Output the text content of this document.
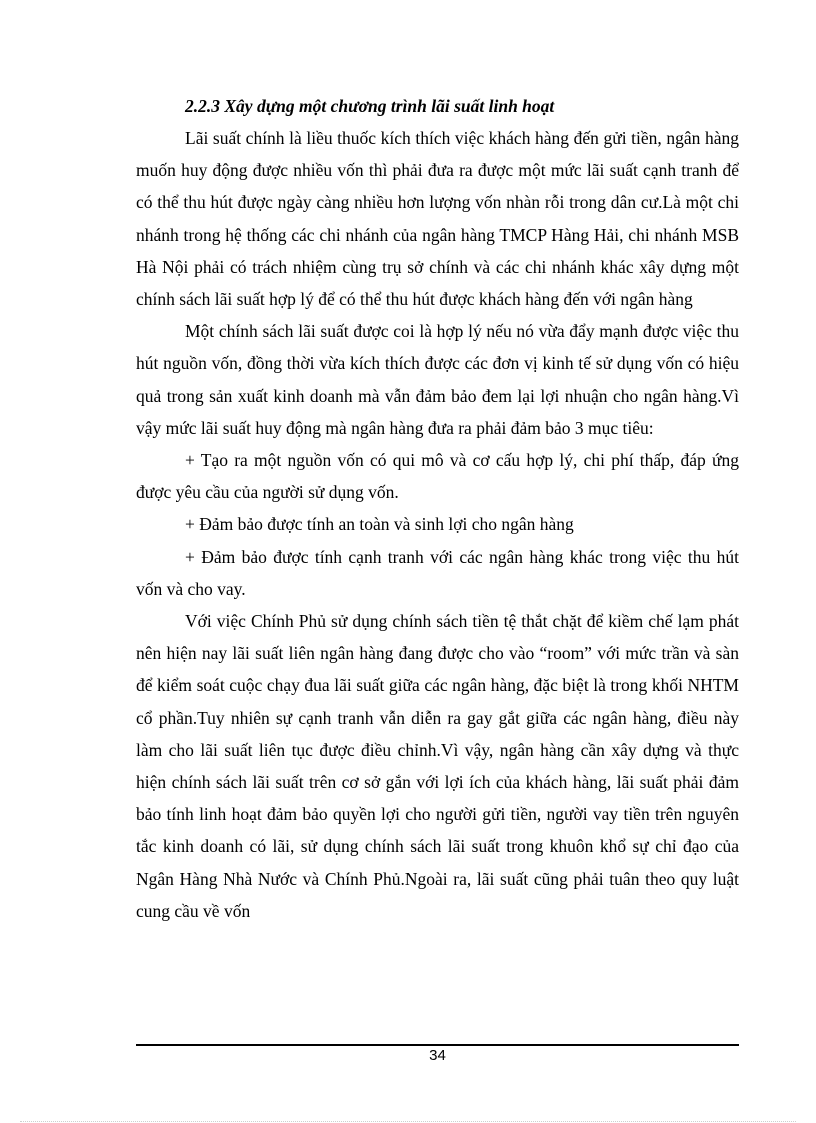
2.2.3 Xây dựng một chương trình lãi suất linh hoạt

Lãi suất chính là liều thuốc kích thích việc khách hàng đến gửi tiền, ngân hàng muốn huy động được nhiều vốn thì phải đưa ra được một mức lãi suất cạnh tranh để có thể thu hút được ngày càng nhiều hơn lượng vốn nhàn rỗi trong dân cư.Là một chi nhánh trong hệ thống các chi nhánh của ngân hàng TMCP Hàng Hải, chi nhánh MSB Hà Nội phải có trách nhiệm cùng trụ sở chính và các chi nhánh khác xây dựng một chính sách lãi suất hợp lý để có thể thu hút được khách hàng đến với ngân hàng

Một chính sách lãi suất được coi là hợp lý nếu nó vừa đẩy mạnh được việc thu hút nguồn vốn, đồng thời vừa kích thích được các đơn vị kinh tế sử dụng vốn có hiệu quả trong sản xuất kinh doanh mà vẫn đảm bảo đem lại lợi nhuận cho ngân hàng.Vì vậy mức lãi suất huy động mà ngân hàng đưa ra phải đảm bảo 3 mục tiêu:

+ Tạo ra một nguồn vốn có qui mô và cơ cấu hợp lý, chi phí thấp, đáp ứng được yêu cầu của người sử dụng vốn.

+ Đảm bảo được tính an toàn và sinh lợi cho ngân hàng

+ Đảm bảo được tính cạnh tranh với các ngân hàng khác trong việc thu hút vốn và cho vay.

Với việc Chính Phủ sử dụng chính sách tiền tệ thắt chặt để kiềm chế lạm phát nên hiện nay lãi suất liên ngân hàng đang được cho vào “room” với mức trần và sàn để kiểm soát cuộc chạy đua lãi suất giữa các ngân hàng, đặc biệt là trong khối NHTM cổ phần.Tuy nhiên sự cạnh tranh vẫn diễn ra gay gắt giữa các ngân hàng, điều này làm cho lãi suất liên tục được điều chỉnh.Vì vậy, ngân hàng cần xây dựng và thực hiện chính sách lãi suất trên cơ sở gắn với lợi ích của khách hàng, lãi suất phải đảm bảo tính linh hoạt đảm bảo quyền lợi cho người gửi tiền, người vay tiền trên nguyên tắc kinh doanh có lãi, sử dụng chính sách lãi suất trong khuôn khổ sự chỉ đạo của Ngân Hàng Nhà Nước và Chính Phủ.Ngoài ra, lãi suất cũng phải tuân theo quy luật cung cầu về vốn

34
